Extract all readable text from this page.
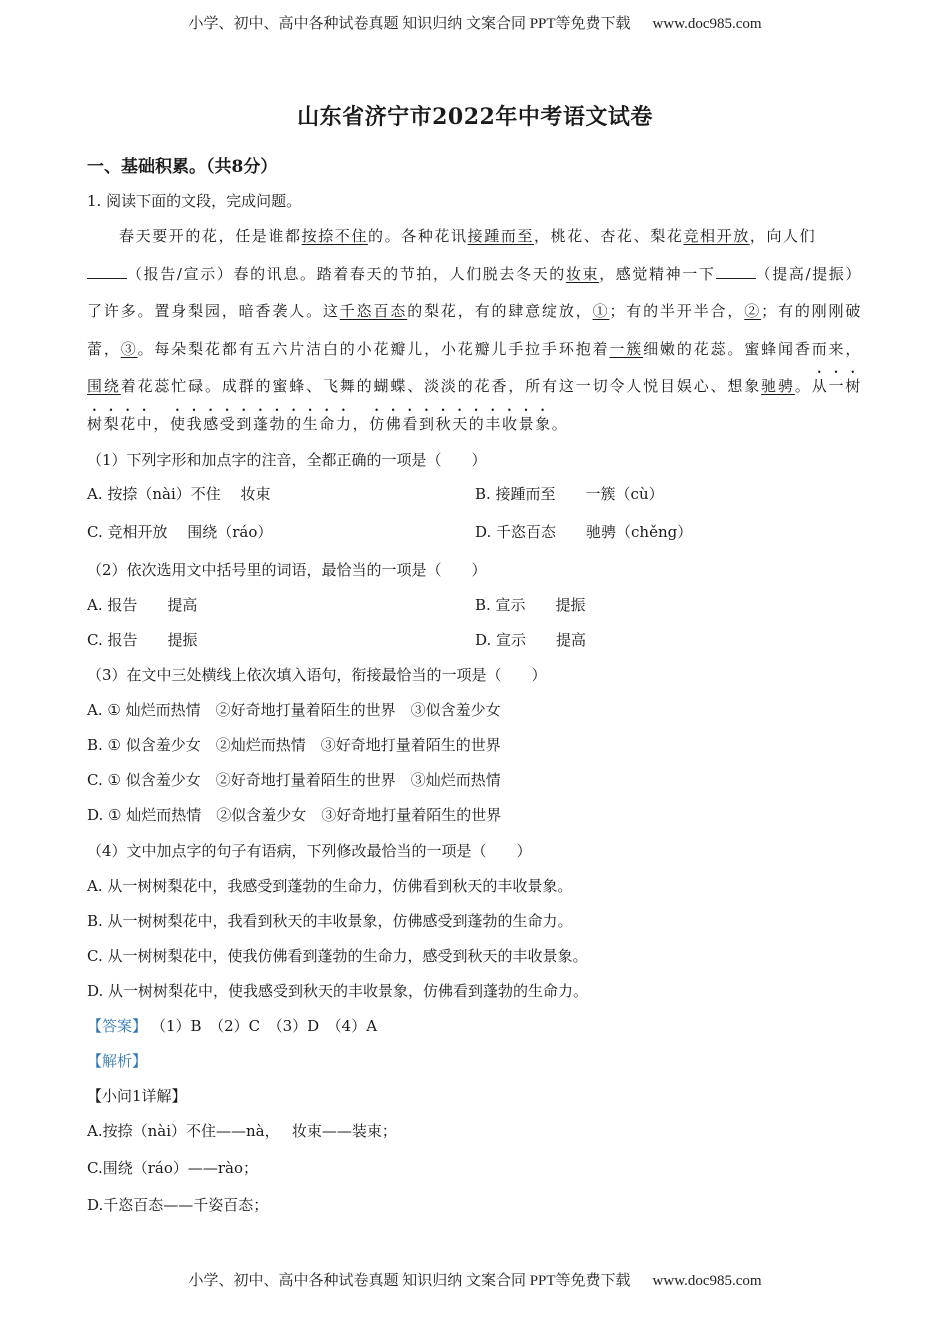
小学、初中、高中各种试卷真题 知识归纳 文案合同 PPT等免费下载 www.doc985.com
山东省济宁市2022年中考语文试卷
一、基础积累。（共8分）
1. 阅读下面的文段，完成问题。
春天要开的花，任是谁都按捺不住的。各种花讯接踵而至，桃花、杏花、梨花竞相开放，向人们
（报告/宣示）春的讯息。踏着春天的节拍，人们脱去冬天的妆束，感觉精神一下	（提高/提振）了许多。置身梨园，暗香袭人。这千恣百态的梨花，有的肆意绽放，①；有的半开半合，②；有的刚刚破蕾，③。每朵梨花都有五六片洁白的小花瓣儿，小花瓣儿手拉手环抱着一簇细嫩的花蕊。蜜蜂闻香而来，围绕着花蕊忙碌。成群的蜜蜂、飞舞的蝴蝶、淡淡的花香，所有这一切令人悦目娱心、想象驰骋。从一树树梨花中，使我感受到蓬勃的生命力，仿佛看到秋天的丰收景象。
（1）下列字形和加点字的注音，全都正确的一项是（　　）
A. 按捺（nài）不住　 妆束	B. 接踵而至　　一簇（cù）
C. 竞相开放　 围绕（ráo）	D. 千恣百态　　驰骋（chěng）
（2）依次选用文中括号里的词语，最恰当的一项是（　　）
A. 报告　　提高	B. 宣示　　提振
C. 报告　　提振	D. 宣示　　提高
（3）在文中三处横线上依次填入语句，衔接最恰当的一项是（　　）
A. ① 灿烂而热情　②好奇地打量着陌生的世界　③似含羞少女
B. ① 似含羞少女　②灿烂而热情　③好奇地打量着陌生的世界
C. ① 似含羞少女　②好奇地打量着陌生的世界　③灿烂而热情
D. ① 灿烂而热情　②似含羞少女　③好奇地打量着陌生的世界
（4）文中加点字的句子有语病，下列修改最恰当的一项是（　　）
A. 从一树树梨花中，我感受到蓬勃的生命力，仿佛看到秋天的丰收景象。
B. 从一树树梨花中，我看到秋天的丰收景象，仿佛感受到蓬勃的生命力。
C. 从一树树梨花中，使我仿佛看到蓬勃的生命力，感受到秋天的丰收景象。
D. 从一树树梨花中，使我感受到秋天的丰收景象，仿佛看到蓬勃的生命力。
【答案】 （1）B　（2）C　（3）D　（4）A
【解析】
【小问1详解】
A.按捺（nài）不住——nà，　 妆束——装束；
C.围绕（ráo）——rào；
D.千恣百态——千姿百态；
小学、初中、高中各种试卷真题 知识归纳 文案合同 PPT等免费下载 www.doc985.com
